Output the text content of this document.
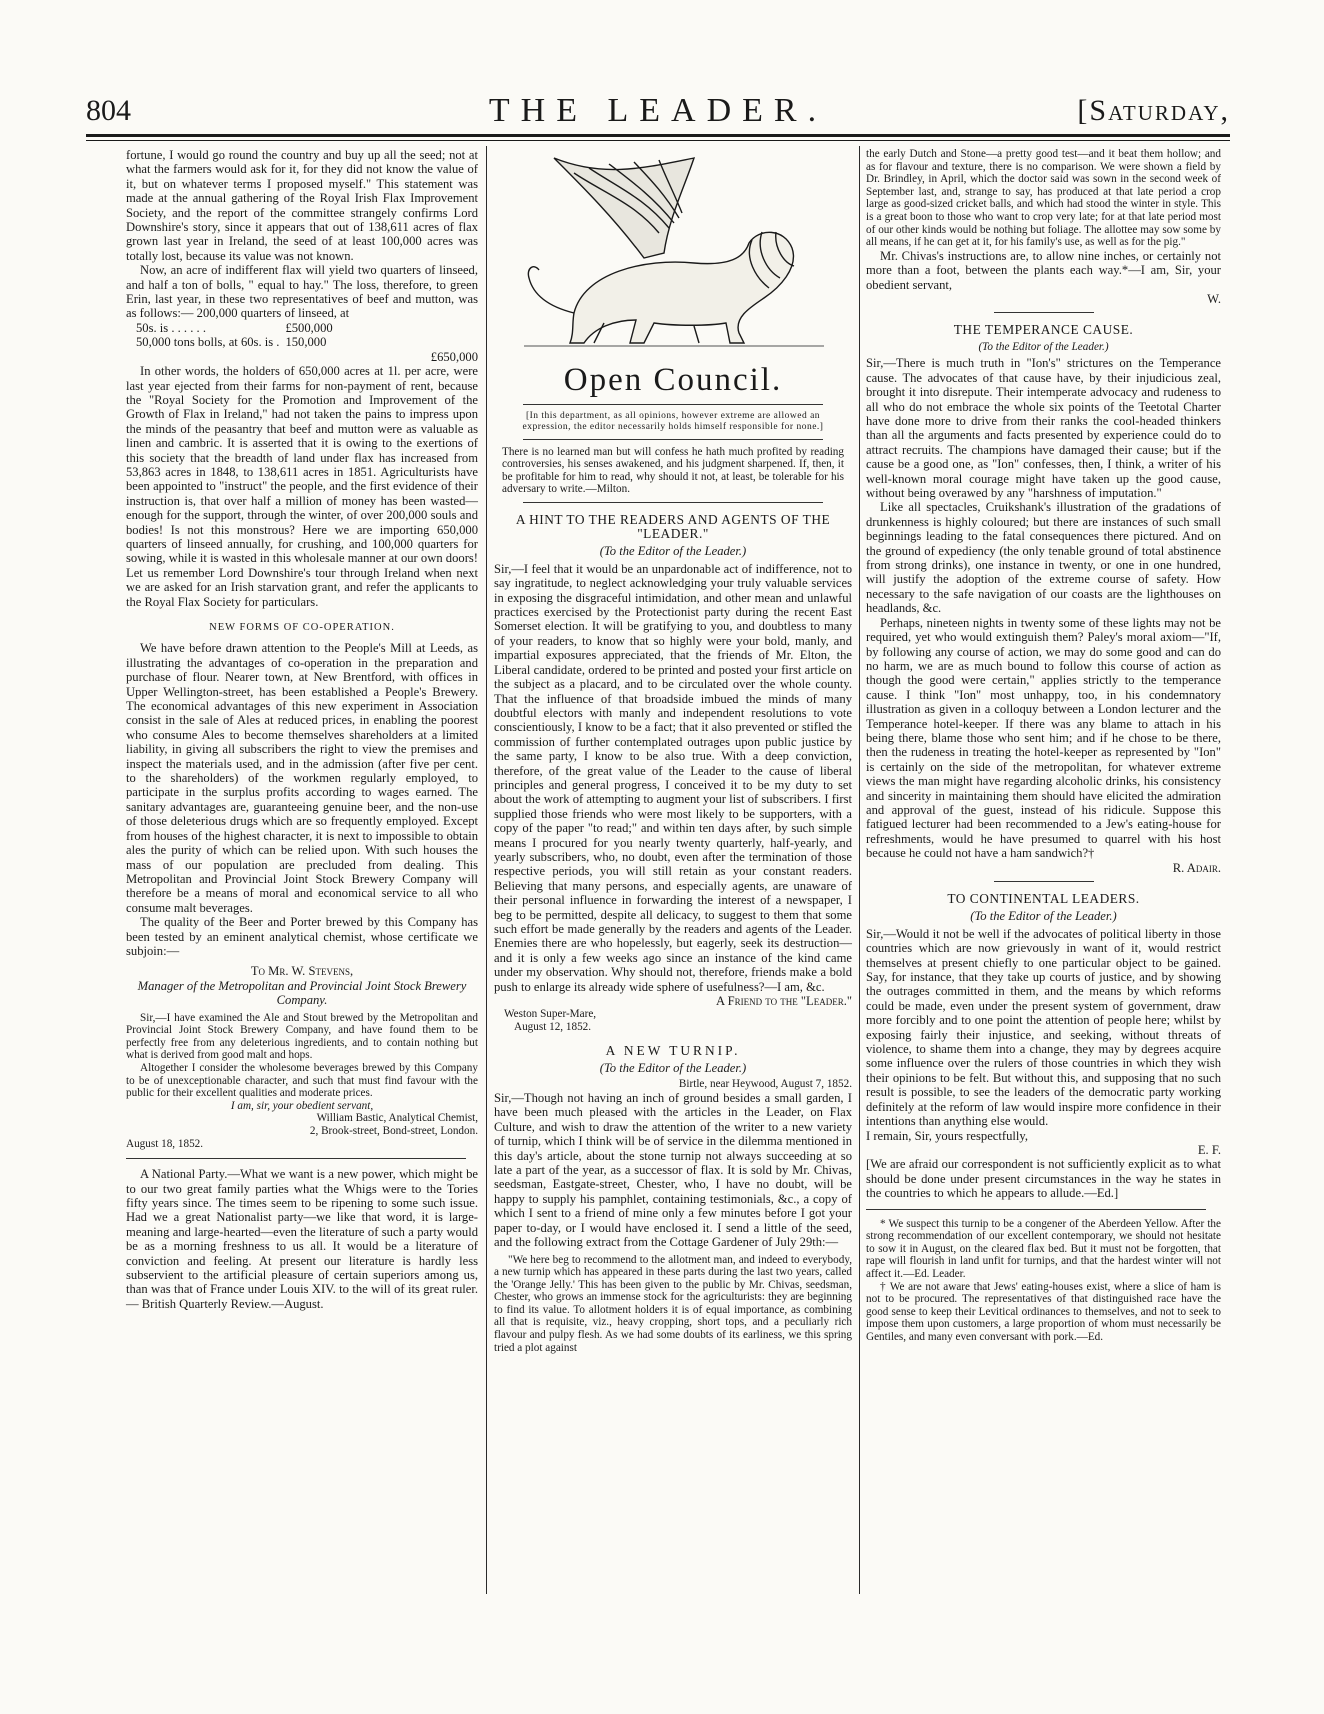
804	THE LEADER.	[Saturday,

fortune, I would go round the country and buy up all the seed; not at what the farmers would ask for it, for they did not know the value of it, but on whatever terms I proposed myself." This statement was made at the annual gathering of the Royal Irish Flax Improvement Society, and the report of the committee strangely confirms Lord Downshire's story, since it appears that out of 138,611 acres of flax grown last year in Ireland, the seed of at least 100,000 acres was totally lost, because its value was not known.

Now, an acre of indifferent flax will yield two quarters of linseed, and half a ton of bolls, " equal to hay." The loss, therefore, to green Erin, last year, in these two representatives of beef and mutton, was as follows:— 200,000 quarters of linseed, at

50s. is . . . . . .	£500,000
50,000 tons bolls, at 60s. is .	150,000
£650,000

In other words, the holders of 650,000 acres at 1l. per acre, were last year ejected from their farms for non-payment of rent, because the "Royal Society for the Promotion and Improvement of the Growth of Flax in Ireland," had not taken the pains to impress upon the minds of the peasantry that beef and mutton were as valuable as linen and cambric. It is asserted that it is owing to the exertions of this society that the breadth of land under flax has increased from 53,863 acres in 1848, to 138,611 acres in 1851. Agriculturists have been appointed to "instruct" the people, and the first evidence of their instruction is, that over half a million of money has been wasted— enough for the support, through the winter, of over 200,000 souls and bodies! Is not this monstrous? Here we are importing 650,000 quarters of linseed annually, for crushing, and 100,000 quarters for sowing, while it is wasted in this wholesale manner at our own doors! Let us remember Lord Downshire's tour through Ireland when next we are asked for an Irish starvation grant, and refer the applicants to the Royal Flax Society for particulars.

NEW FORMS OF CO-OPERATION.

We have before drawn attention to the People's Mill at Leeds, as illustrating the advantages of co-operation in the preparation and purchase of flour. Nearer town, at New Brentford, with offices in Upper Wellington-street, has been established a People's Brewery. The economical advantages of this new experiment in Association consist in the sale of Ales at reduced prices, in enabling the poorest who consume Ales to become themselves shareholders at a limited liability, in giving all subscribers the right to view the premises and inspect the materials used, and in the admission (after five per cent. to the shareholders) of the workmen regularly employed, to participate in the surplus profits according to wages earned. The sanitary advantages are, guaranteeing genuine beer, and the non-use of those deleterious drugs which are so frequently employed. Except from houses of the highest character, it is next to impossible to obtain ales the purity of which can be relied upon. With such houses the mass of our population are precluded from dealing. This Metropolitan and Provincial Joint Stock Brewery Company will therefore be a means of moral and economical service to all who consume malt beverages.

The quality of the Beer and Porter brewed by this Company has been tested by an eminent analytical chemist, whose certificate we subjoin:—

To Mr. W. Stevens,
Manager of the Metropolitan and Provincial Joint Stock Brewery Company.

Sir,—I have examined the Ale and Stout brewed by the Metropolitan and Provincial Joint Stock Brewery Company, and have found them to be perfectly free from any deleterious ingredients, and to contain nothing but what is derived from good malt and hops.

Altogether I consider the wholesome beverages brewed by this Company to be of unexceptionable character, and such that must find favour with the public for their excellent qualities and moderate prices.

I am, sir, your obedient servant,
William Bastic, Analytical Chemist,
2, Brook-street, Bond-street, London.
August 18, 1852.

A National Party.—What we want is a new power, which might be to our two great family parties what the Whigs were to the Tories fifty years since. The times seem to be ripening to some such issue. Had we a great Nationalist party—we like that word, it is large-meaning and large-hearted—even the literature of such a party would be as a morning freshness to us all. It would be a literature of conviction and feeling. At present our literature is hardly less subservient to the artificial pleasure of certain superiors among us, than was that of France under Louis XIV. to the will of its great ruler.— British Quarterly Review.—August.

Open Council.
[In this department, as all opinions, however extreme are allowed an expression, the editor necessarily holds himself responsible for none.]
There is no learned man but will confess he hath much profited by reading controversies, his senses awakened, and his judgment sharpened. If, then, it be profitable for him to read, why should it not, at least, be tolerable for his adversary to write.—Milton.
A HINT TO THE READERS AND AGENTS OF THE "LEADER."
(To the Editor of the Leader.)

Sir,—I feel that it would be an unpardonable act of indifference, not to say ingratitude, to neglect acknowledging your truly valuable services in exposing the disgraceful intimidation, and other mean and unlawful practices exercised by the Protectionist party during the recent East Somerset election. It will be gratifying to you, and doubtless to many of your readers, to know that so highly were your bold, manly, and impartial exposures appreciated, that the friends of Mr. Elton, the Liberal candidate, ordered to be printed and posted your first article on the subject as a placard, and to be circulated over the whole county. That the influence of that broadside imbued the minds of many doubtful electors with manly and independent resolutions to vote conscientiously, I know to be a fact; that it also prevented or stifled the commission of further contemplated outrages upon public justice by the same party, I know to be also true. With a deep conviction, therefore, of the great value of the Leader to the cause of liberal principles and general progress, I conceived it to be my duty to set about the work of attempting to augment your list of subscribers. I first supplied those friends who were most likely to be supporters, with a copy of the paper "to read;" and within ten days after, by such simple means I procured for you nearly twenty quarterly, half-yearly, and yearly subscribers, who, no doubt, even after the termination of those respective periods, you will still retain as your constant readers. Believing that many persons, and especially agents, are unaware of their personal influence in forwarding the interest of a newspaper, I beg to be permitted, despite all delicacy, to suggest to them that some such effort be made generally by the readers and agents of the Leader. Enemies there are who hopelessly, but eagerly, seek its destruction—and it is only a few weeks ago since an instance of the kind came under my observation. Why should not, therefore, friends make a bold push to enlarge its already wide sphere of usefulness?—I am, &c.

A Friend to the "Leader."
Weston Super-Mare,
August 12, 1852.
A NEW TURNIP.
(To the Editor of the Leader.)
Birtle, near Heywood, August 7, 1852.

Sir,—Though not having an inch of ground besides a small garden, I have been much pleased with the articles in the Leader, on Flax Culture, and wish to draw the attention of the writer to a new variety of turnip, which I think will be of service in the dilemma mentioned in this day's article, about the stone turnip not always succeeding at so late a part of the year, as a successor of flax. It is sold by Mr. Chivas, seedsman, Eastgate-street, Chester, who, I have no doubt, will be happy to supply his pamphlet, containing testimonials, &c., a copy of which I sent to a friend of mine only a few minutes before I got your paper to-day, or I would have enclosed it. I send a little of the seed, and the following extract from the Cottage Gardener of July 29th:—

"We here beg to recommend to the allotment man, and indeed to everybody, a new turnip which has appeared in these parts during the last two years, called the 'Orange Jelly.' This has been given to the public by Mr. Chivas, seedsman, Chester, who grows an immense stock for the agriculturists: they are beginning to find its value. To allotment holders it is of equal importance, as combining all that is requisite, viz., heavy cropping, short tops, and a peculiarly rich flavour and pulpy flesh. As we had some doubts of its earliness, we this spring tried a plot against

the early Dutch and Stone—a pretty good test—and it beat them hollow; and as for flavour and texture, there is no comparison. We were shown a field by Dr. Brindley, in April, which the doctor said was sown in the second week of September last, and, strange to say, has produced at that late period a crop large as good-sized cricket balls, and which had stood the winter in style. This is a great boon to those who want to crop very late; for at that late period most of our other kinds would be nothing but foliage. The allottee may sow some by all means, if he can get at it, for his family's use, as well as for the pig."

Mr. Chivas's instructions are, to allow nine inches, or certainly not more than a foot, between the plants each way.*—I am, Sir, your obedient servant,

W.
THE TEMPERANCE CAUSE.
(To the Editor of the Leader.)

Sir,—There is much truth in "Ion's" strictures on the Temperance cause. The advocates of that cause have, by their injudicious zeal, brought it into disrepute. Their intemperate advocacy and rudeness to all who do not embrace the whole six points of the Teetotal Charter have done more to drive from their ranks the cool-headed thinkers than all the arguments and facts presented by experience could do to attract recruits. The champions have damaged their cause; but if the cause be a good one, as "Ion" confesses, then, I think, a writer of his well-known moral courage might have taken up the good cause, without being overawed by any "harshness of imputation."

Like all spectacles, Cruikshank's illustration of the gradations of drunkenness is highly coloured; but there are instances of such small beginnings leading to the fatal consequences there pictured. And on the ground of expediency (the only tenable ground of total abstinence from strong drinks), one instance in twenty, or one in one hundred, will justify the adoption of the extreme course of safety. How necessary to the safe navigation of our coasts are the lighthouses on headlands, &c.

Perhaps, nineteen nights in twenty some of these lights may not be required, yet who would extinguish them? Paley's moral axiom—"If, by following any course of action, we may do some good and can do no harm, we are as much bound to follow this course of action as though the good were certain," applies strictly to the temperance cause. I think "Ion" most unhappy, too, in his condemnatory illustration as given in a colloquy between a London lecturer and the Temperance hotel-keeper. If there was any blame to attach in his being there, blame those who sent him; and if he chose to be there, then the rudeness in treating the hotel-keeper as represented by "Ion" is certainly on the side of the metropolitan, for whatever extreme views the man might have regarding alcoholic drinks, his consistency and sincerity in maintaining them should have elicited the admiration and approval of the guest, instead of his ridicule. Suppose this fatigued lecturer had been recommended to a Jew's eating-house for refreshments, would he have presumed to quarrel with his host because he could not have a ham sandwich?†

R. Adair.
TO CONTINENTAL LEADERS.
(To the Editor of the Leader.)

Sir,—Would it not be well if the advocates of political liberty in those countries which are now grievously in want of it, would restrict themselves at present chiefly to one particular object to be gained. Say, for instance, that they take up courts of justice, and by showing the outrages committed in them, and the means by which reforms could be made, even under the present system of government, draw more forcibly and to one point the attention of people here; whilst by exposing fairly their injustice, and seeking, without threats of violence, to shame them into a change, they may by degrees acquire some influence over the rulers of those countries in which they wish their opinions to be felt. But without this, and supposing that no such result is possible, to see the leaders of the democratic party working definitely at the reform of law would inspire more confidence in their intentions than anything else would.

I remain, Sir, yours respectfully,
E. F.

[We are afraid our correspondent is not sufficiently explicit as to what should be done under present circumstances in the way he states in the countries to which he appears to allude.—Ed.]

* We suspect this turnip to be a congener of the Aberdeen Yellow. After the strong recommendation of our excellent contemporary, we should not hesitate to sow it in August, on the cleared flax bed. But it must not be forgotten, that rape will flourish in land unfit for turnips, and that the hardest winter will not affect it.—Ed. Leader.

† We are not aware that Jews' eating-houses exist, where a slice of ham is not to be procured. The representatives of that distinguished race have the good sense to keep their Levitical ordinances to themselves, and not to seek to impose them upon customers, a large proportion of whom must necessarily be Gentiles, and many even conversant with pork.—Ed.
